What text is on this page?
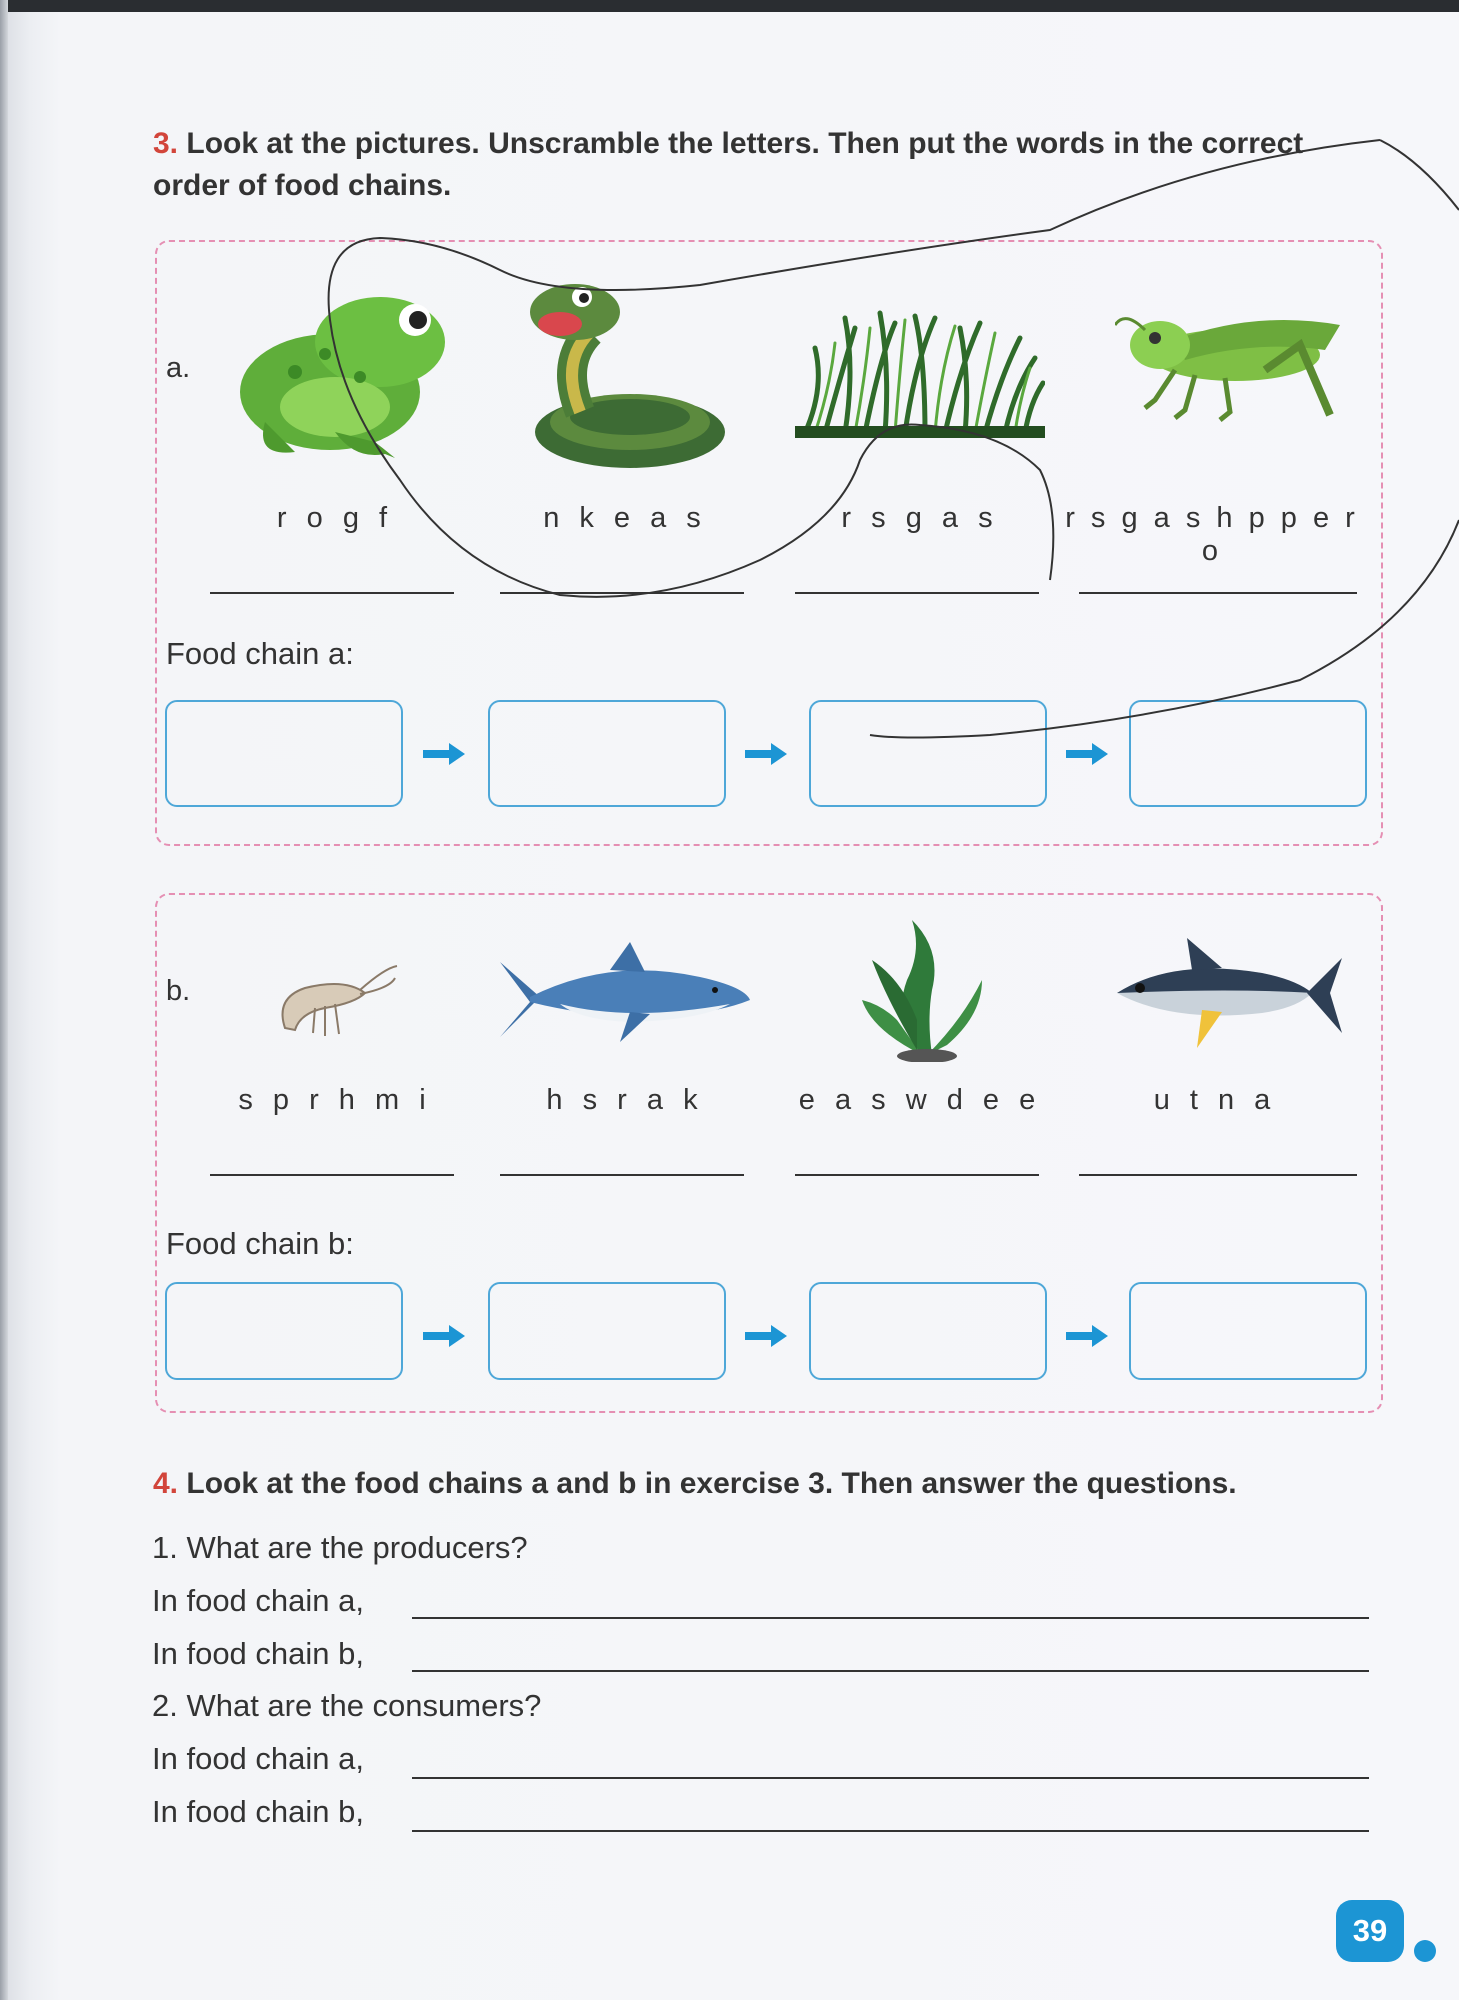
3. Look at the pictures. Unscramble the letters. Then put the words in the correct
order of food chains.
a.
r o g f	n k e a s	r s g a s	r s g a s h p p e r o
Food chain a:
b.
s p r h m i	h s r a k	e a s w d e e	u t n a
Food chain b:
4. Look at the food chains a and b in exercise 3. Then answer the questions.
1. What are the producers?
In food chain a,
In food chain b,
2. What are the consumers?
In food chain a,
In food chain b,
39
